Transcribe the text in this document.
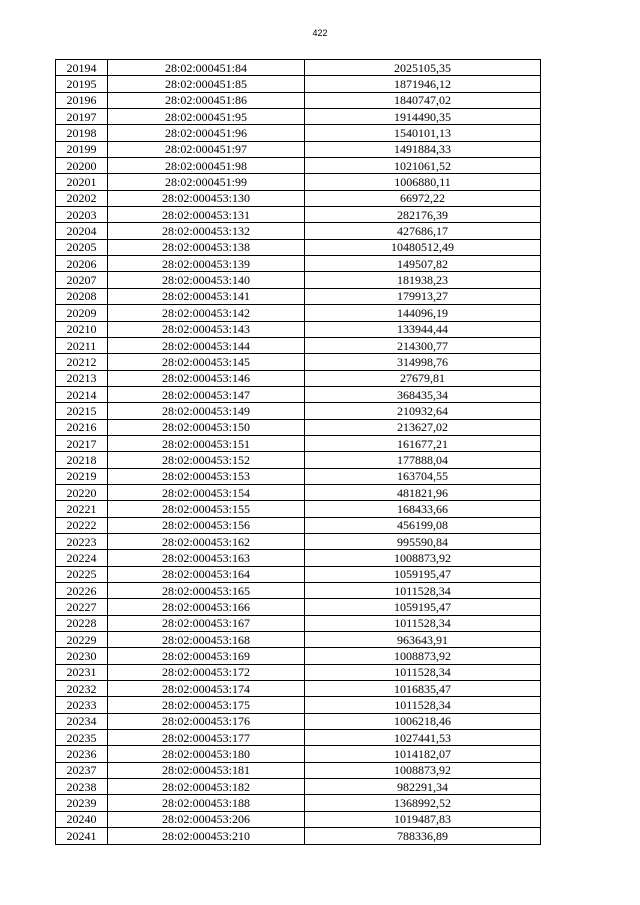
422
20194	28:02:000451:84	2025105,35
20195	28:02:000451:85	1871946,12
20196	28:02:000451:86	1840747,02
20197	28:02:000451:95	1914490,35
20198	28:02:000451:96	1540101,13
20199	28:02:000451:97	1491884,33
20200	28:02:000451:98	1021061,52
20201	28:02:000451:99	1006880,11
20202	28:02:000453:130	66972,22
20203	28:02:000453:131	282176,39
20204	28:02:000453:132	427686,17
20205	28:02:000453:138	10480512,49
20206	28:02:000453:139	149507,82
20207	28:02:000453:140	181938,23
20208	28:02:000453:141	179913,27
20209	28:02:000453:142	144096,19
20210	28:02:000453:143	133944,44
20211	28:02:000453:144	214300,77
20212	28:02:000453:145	314998,76
20213	28:02:000453:146	27679,81
20214	28:02:000453:147	368435,34
20215	28:02:000453:149	210932,64
20216	28:02:000453:150	213627,02
20217	28:02:000453:151	161677,21
20218	28:02:000453:152	177888,04
20219	28:02:000453:153	163704,55
20220	28:02:000453:154	481821,96
20221	28:02:000453:155	168433,66
20222	28:02:000453:156	456199,08
20223	28:02:000453:162	995590,84
20224	28:02:000453:163	1008873,92
20225	28:02:000453:164	1059195,47
20226	28:02:000453:165	1011528,34
20227	28:02:000453:166	1059195,47
20228	28:02:000453:167	1011528,34
20229	28:02:000453:168	963643,91
20230	28:02:000453:169	1008873,92
20231	28:02:000453:172	1011528,34
20232	28:02:000453:174	1016835,47
20233	28:02:000453:175	1011528,34
20234	28:02:000453:176	1006218,46
20235	28:02:000453:177	1027441,53
20236	28:02:000453:180	1014182,07
20237	28:02:000453:181	1008873,92
20238	28:02:000453:182	982291,34
20239	28:02:000453:188	1368992,52
20240	28:02:000453:206	1019487,83
20241	28:02:000453:210	788336,89
